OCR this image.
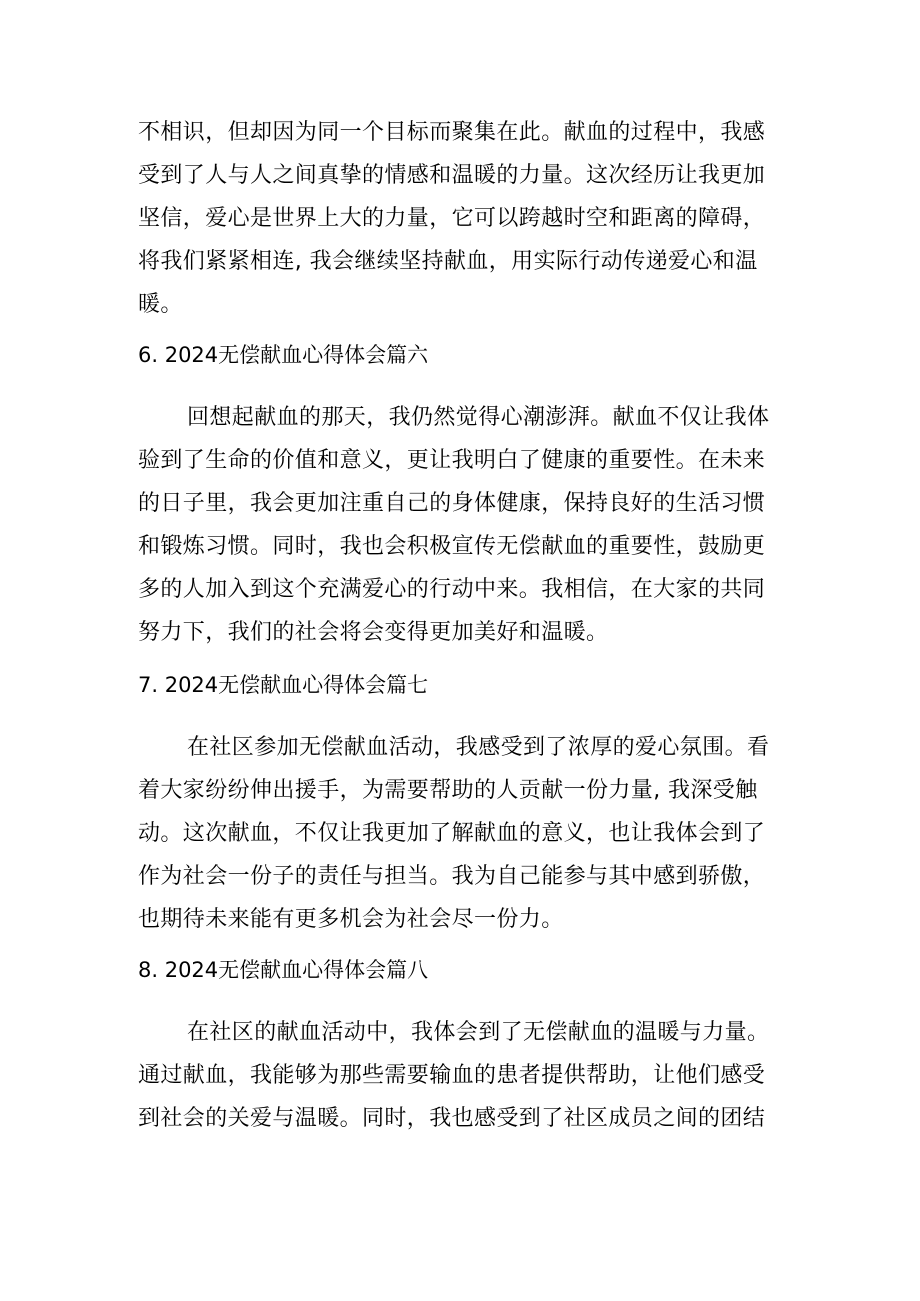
不相识，但却因为同一个目标而聚集在此。献血的过程中，我感
受到了人与人之间真挚的情感和温暖的力量。这次经历让我更加
坚信，爱心是世界上大的力量，它可以跨越时空和距离的障碍，
将我们紧紧相连, 我会继续坚持献血，用实际行动传递爱心和温
暖。
6. 2024无偿献血心得体会篇六
回想起献血的那天，我仍然觉得心潮澎湃。献血不仅让我体
验到了生命的价值和意义，更让我明白了健康的重要性。在未来
的日子里，我会更加注重自己的身体健康，保持良好的生活习惯
和锻炼习惯。同时，我也会积极宣传无偿献血的重要性，鼓励更
多的人加入到这个充满爱心的行动中来。我相信，在大家的共同
努力下，我们的社会将会变得更加美好和温暖。
7. 2024无偿献血心得体会篇七
在社区参加无偿献血活动，我感受到了浓厚的爱心氛围。看
着大家纷纷伸出援手，为需要帮助的人贡献一份力量, 我深受触
动。这次献血，不仅让我更加了解献血的意义，也让我体会到了
作为社会一份子的责任与担当。我为自己能参与其中感到骄傲，
也期待未来能有更多机会为社会尽一份力。
8. 2024无偿献血心得体会篇八
在社区的献血活动中，我体会到了无偿献血的温暖与力量。
通过献血，我能够为那些需要输血的患者提供帮助，让他们感受
到社会的关爱与温暖。同时，我也感受到了社区成员之间的团结
